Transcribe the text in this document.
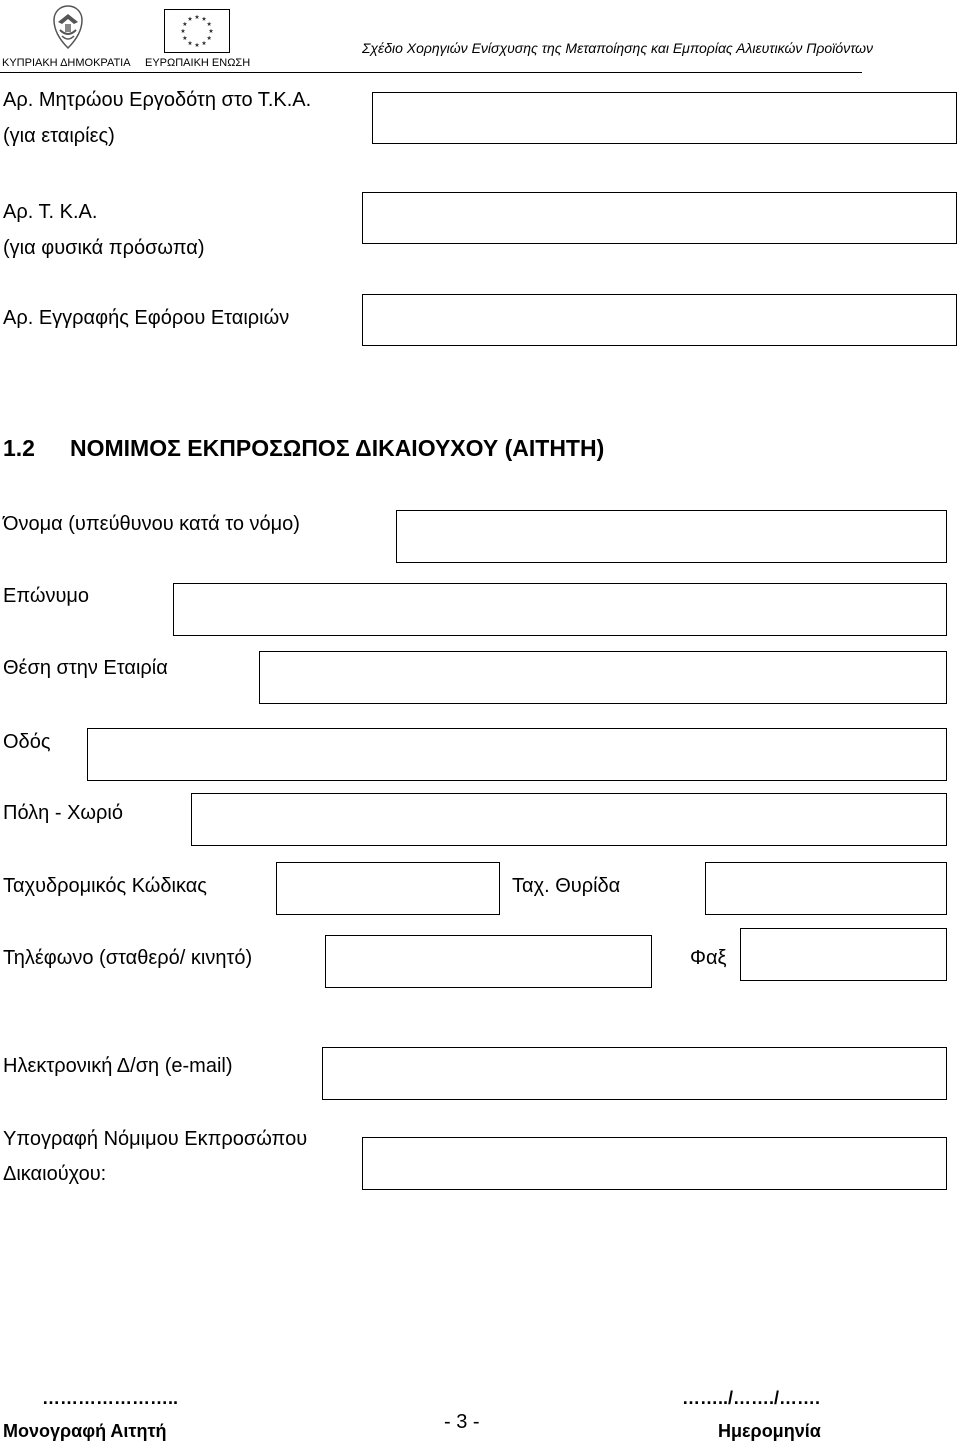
ΚΥΠΡΙΑΚΗ ΔΗΜΟΚΡΑΤΙΑ ΕΥΡΩΠΑΙΚΗ ΕΝΩΣΗ
Σχέδιο Χορηγιών Ενίσχυσης της Μεταποίησης και Εμπορίας Αλιευτικών Προϊόντων
Αρ. Μητρώου Εργοδότη στο Τ.Κ.Α.
(για εταιρίες)
Αρ. Τ. Κ.Α.
(για φυσικά πρόσωπα)
Αρ. Εγγραφής Εφόρου Εταιριών
1.2 ΝΟΜΙΜΟΣ ΕΚΠΡΟΣΩΠΟΣ ΔΙΚΑΙΟΥΧΟΥ (ΑΙΤΗΤΗ)
Όνομα (υπεύθυνου κατά το νόμο)
Επώνυμο
Θέση στην Εταιρία
Οδός
Πόλη - Χωριό
Ταχυδρομικός Κώδικας	Ταχ. Θυρίδα
Τηλέφωνο (σταθερό/ κινητό)	Φαξ
Ηλεκτρονική Δ/ση (e-mail)
Υπογραφή Νόμιμου Εκπροσώπου
Δικαιούχου:
…………………..
Μονογραφή Αιτητή	- 3 -
……../……./…….
Ημερομηνία
